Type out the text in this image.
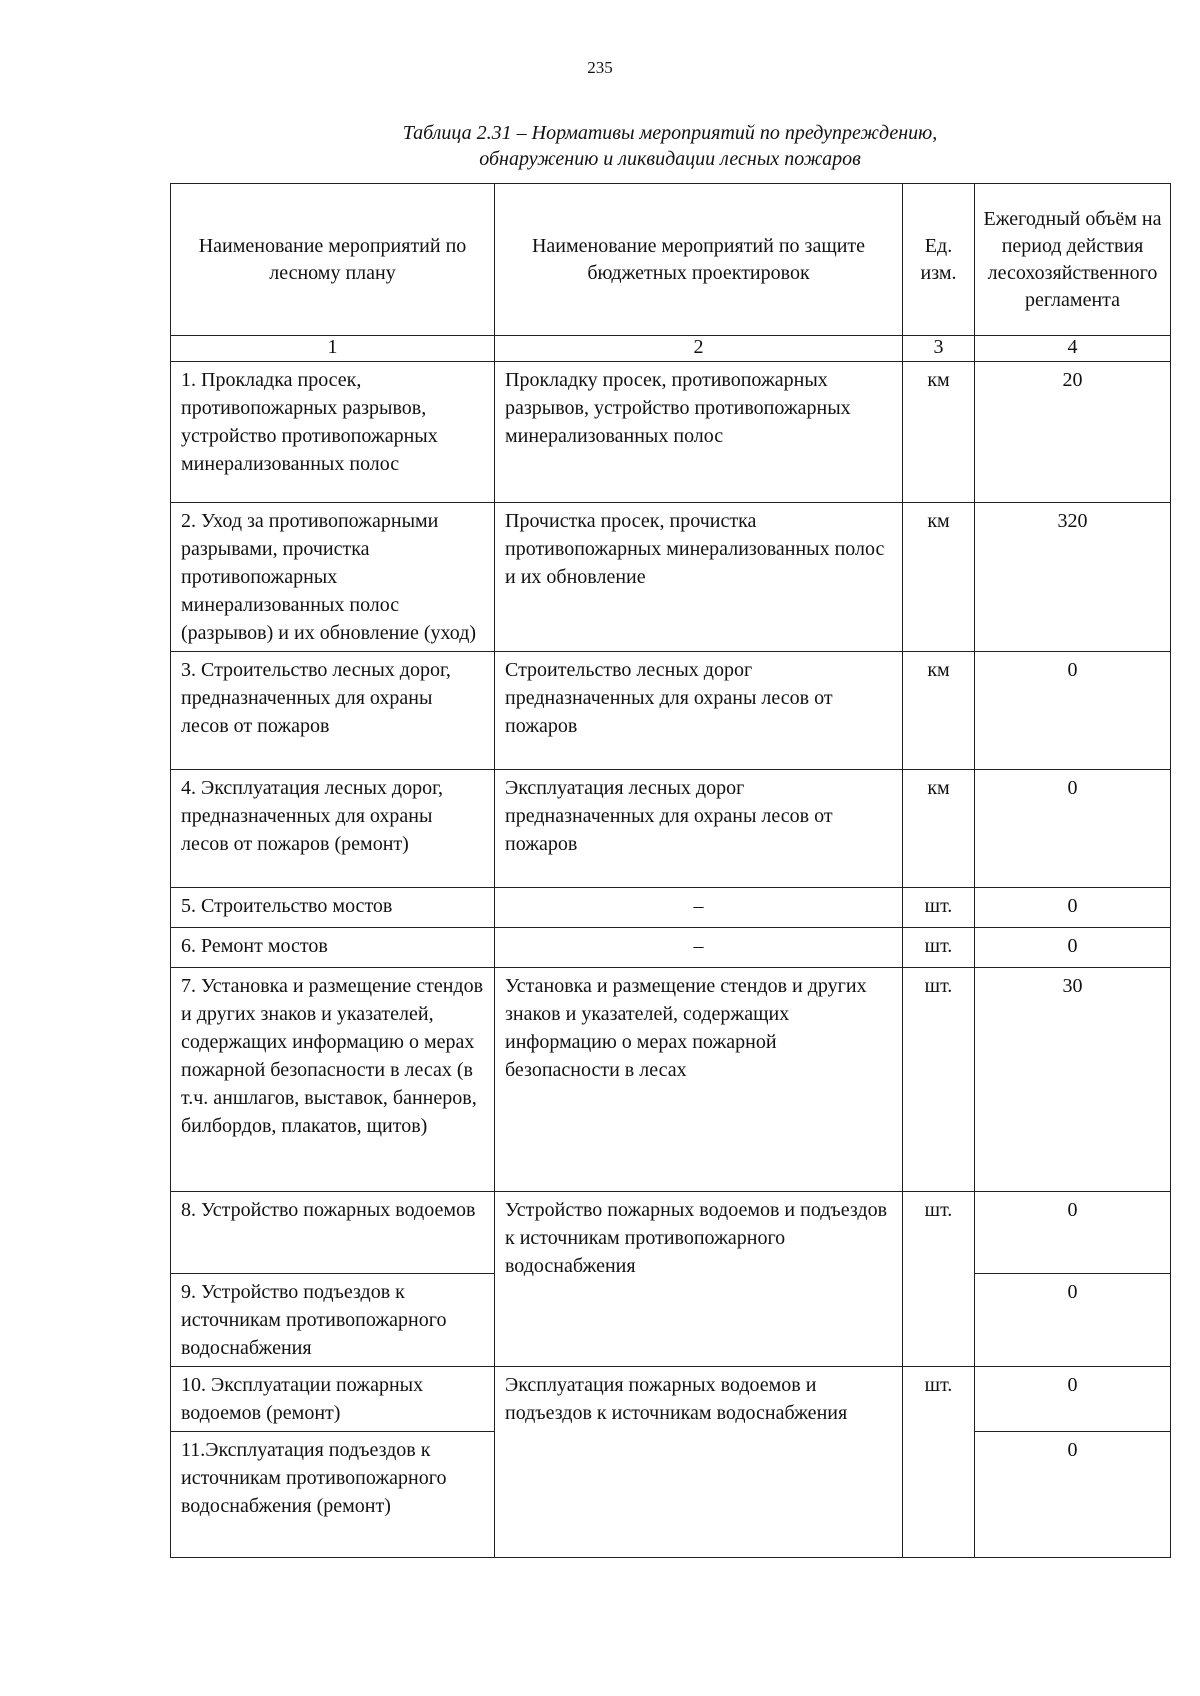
235
Таблица 2.31 – Нормативы мероприятий по предупреждению,
обнаружению и ликвидации лесных пожаров
Наименование мероприятий по лесному плану	Наименование мероприятий по защите бюджетных проектировок	Ед. изм.	Ежегодный объём на период действия лесохозяйственного регламента
1	2	3	4
1. Прокладка просек, противопожарных разрывов, устройство противопожарных минерализованных полос	Прокладку просек, противопожарных разрывов, устройство противопожарных минерализованных полос	км	20
2. Уход за противопожарными разрывами, прочистка противопожарных минерализованных полос (разрывов) и их обновление (уход)	Прочистка просек, прочистка противопожарных минерализованных полос и их обновление	км	320
3. Строительство лесных дорог, предназначенных для охраны лесов от пожаров	Строительство лесных дорог предназначенных для охраны лесов от пожаров	км	0
4. Эксплуатация лесных дорог, предназначенных для охраны лесов от пожаров (ремонт)	Эксплуатация лесных дорог предназначенных для охраны лесов от пожаров	км	0
5. Строительство мостов	–	шт.	0
6. Ремонт мостов	–	шт.	0
7. Установка и размещение стендов и других знаков и указателей, содержащих информацию о мерах пожарной безопасности в лесах (в т.ч. аншлагов, выставок, баннеров, билбордов, плакатов, щитов)	Установка и размещение стендов и других знаков и указателей, содержащих информацию о мерах пожарной безопасности в лесах	шт.	30
8. Устройство пожарных водоемов	Устройство пожарных водоемов и подъездов к источникам противопожарного водоснабжения	шт.	0
9. Устройство подъездов к источникам противопожарного водоснабжения			0
10. Эксплуатации пожарных водоемов (ремонт)	Эксплуатация пожарных водоемов и подъездов к источникам водоснабжения	шт.	0
11.Эксплуатация подъездов к источникам противопожарного водоснабжения (ремонт)			0
